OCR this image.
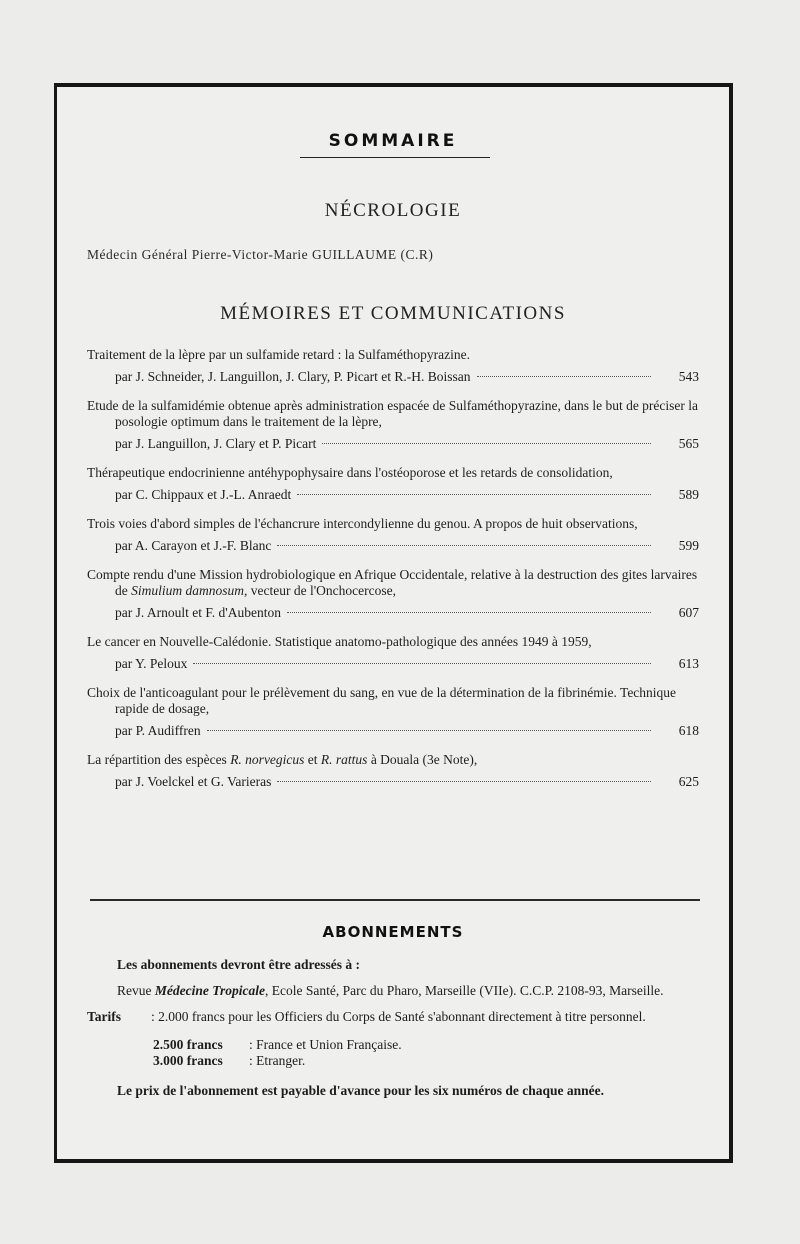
SOMMAIRE
NÉCROLOGIE
Médecin Général Pierre-Victor-Marie GUILLAUME (C.R)
MÉMOIRES ET COMMUNICATIONS
Traitement de la lèpre par un sulfamide retard : la Sulfaméthopyrazine.
par J. Schneider, J. Languillon, J. Clary, P. Picart et R.-H. Boissan	543
Etude de la sulfamidémie obtenue après administration espacée de Sulfaméthopyrazine, dans le but de préciser la posologie optimum dans le traitement de la lèpre,
par J. Languillon, J. Clary et P. Picart	565
Thérapeutique endocrinienne antéhypophysaire dans l'ostéoporose et les retards de consolidation,
par C. Chippaux et J.-L. Anraedt	589
Trois voies d'abord simples de l'échancrure intercondylienne du genou. A propos de huit observations,
par A. Carayon et J.-F. Blanc	599
Compte rendu d'une Mission hydrobiologique en Afrique Occidentale, relative à la destruction des gites larvaires de Simulium damnosum, vecteur de l'Onchocercose,
par J. Arnoult et F. d'Aubenton	607
Le cancer en Nouvelle-Calédonie. Statistique anatomo-pathologique des années 1949 à 1959,
par Y. Peloux	613
Choix de l'anticoagulant pour le prélèvement du sang, en vue de la détermination de la fibrinémie. Technique rapide de dosage,
par P. Audiffren	618
La répartition des espèces R. norvegicus et R. rattus à Douala (3e Note),
par J. Voelckel et G. Varieras	625
ABONNEMENTS

Les abonnements devront être adressés à :

Revue Médecine Tropicale, Ecole Santé, Parc du Pharo, Marseille (VIIe). C.C.P. 2108-93, Marseille.

Tarifs	: 2.000 francs pour les Officiers du Corps de Santé s'abonnant directement à titre personnel.
2.500 francs	: France et Union Française.
3.000 francs	: Etranger.

Le prix de l'abonnement est payable d'avance pour les six numéros de chaque année.
